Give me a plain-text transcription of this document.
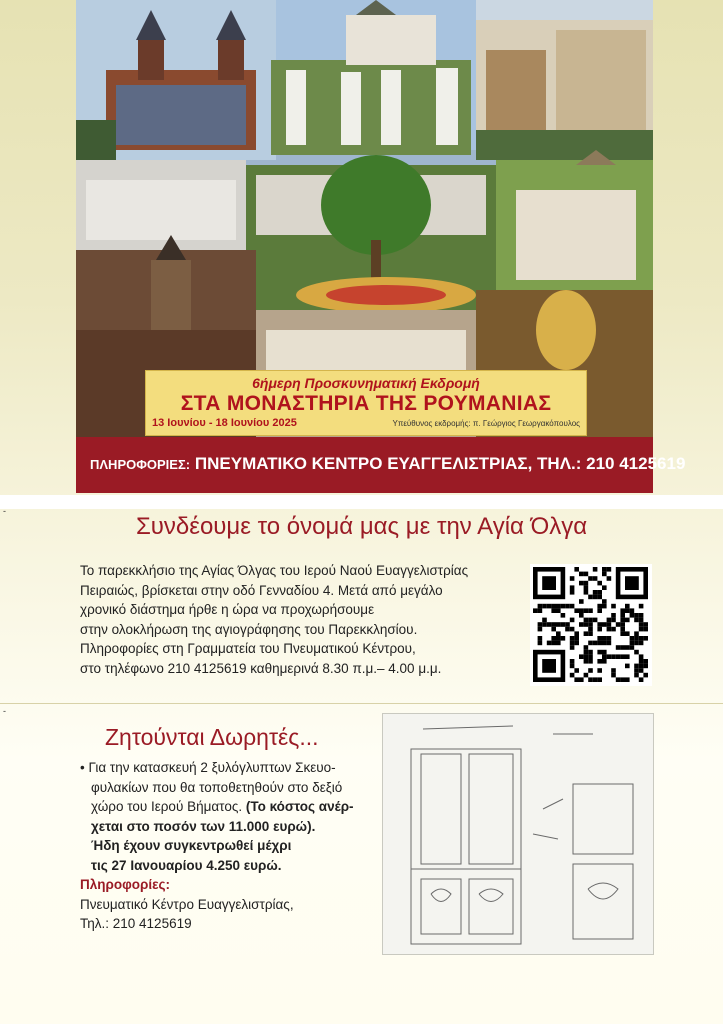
6ήμερη Προσκυνηματική Εκδρομή
ΣΤΑ ΜΟΝΑΣΤΗΡΙΑ ΤΗΣ ΡΟΥΜΑΝΙΑΣ
13 Ιουνίου - 18 Ιουνίου 2025	Υπεύθυνος εκδρομής: π. Γεώργιος Γεωργακόπουλος
ΠΛΗΡΟΦΟΡΙΕΣ: ΠΝΕΥΜΑΤΙΚΟ ΚΕΝΤΡΟ ΕΥΑΓΓΕΛΙΣΤΡΙΑΣ, ΤΗΛ.: 210 4125619
-
Συνδέουμε το όνομά μας με την Αγία Όλγα
Το παρεκκλήσιο της Αγίας Όλγας του Ιερού Ναού Ευαγγελιστρίας
Πειραιώς, βρίσκεται στην οδό Γενναδίου 4. Μετά από μεγάλο
χρονικό διάστημα ήρθε η ώρα να προχωρήσουμε
στην ολοκλήρωση της αγιογράφησης του Παρεκκλησίου.
Πληροφορίες στη Γραμματεία του Πνευματικού Κέντρου,
στο τηλέφωνο 210 4125619 καθημερινά 8.30 π.μ.– 4.00 μ.μ.
-
Ζητούνται Δωρητές...
• Για την κατασκευή 2 ξυλόγλυπτων Σκευο-
φυλακίων που θα τοποθετηθούν στο δεξιό
χώρο του Ιερού Βήματος. (Το κόστος ανέρ-
χεται στο ποσόν των 11.000 ευρώ).
Ήδη έχουν συγκεντρωθεί μέχρι
τις 27 Ιανουαρίου 4.250 ευρώ.
Πληροφορίες:
Πνευματικό Κέντρο Ευαγγελιστρίας,
Τηλ.: 210 4125619
